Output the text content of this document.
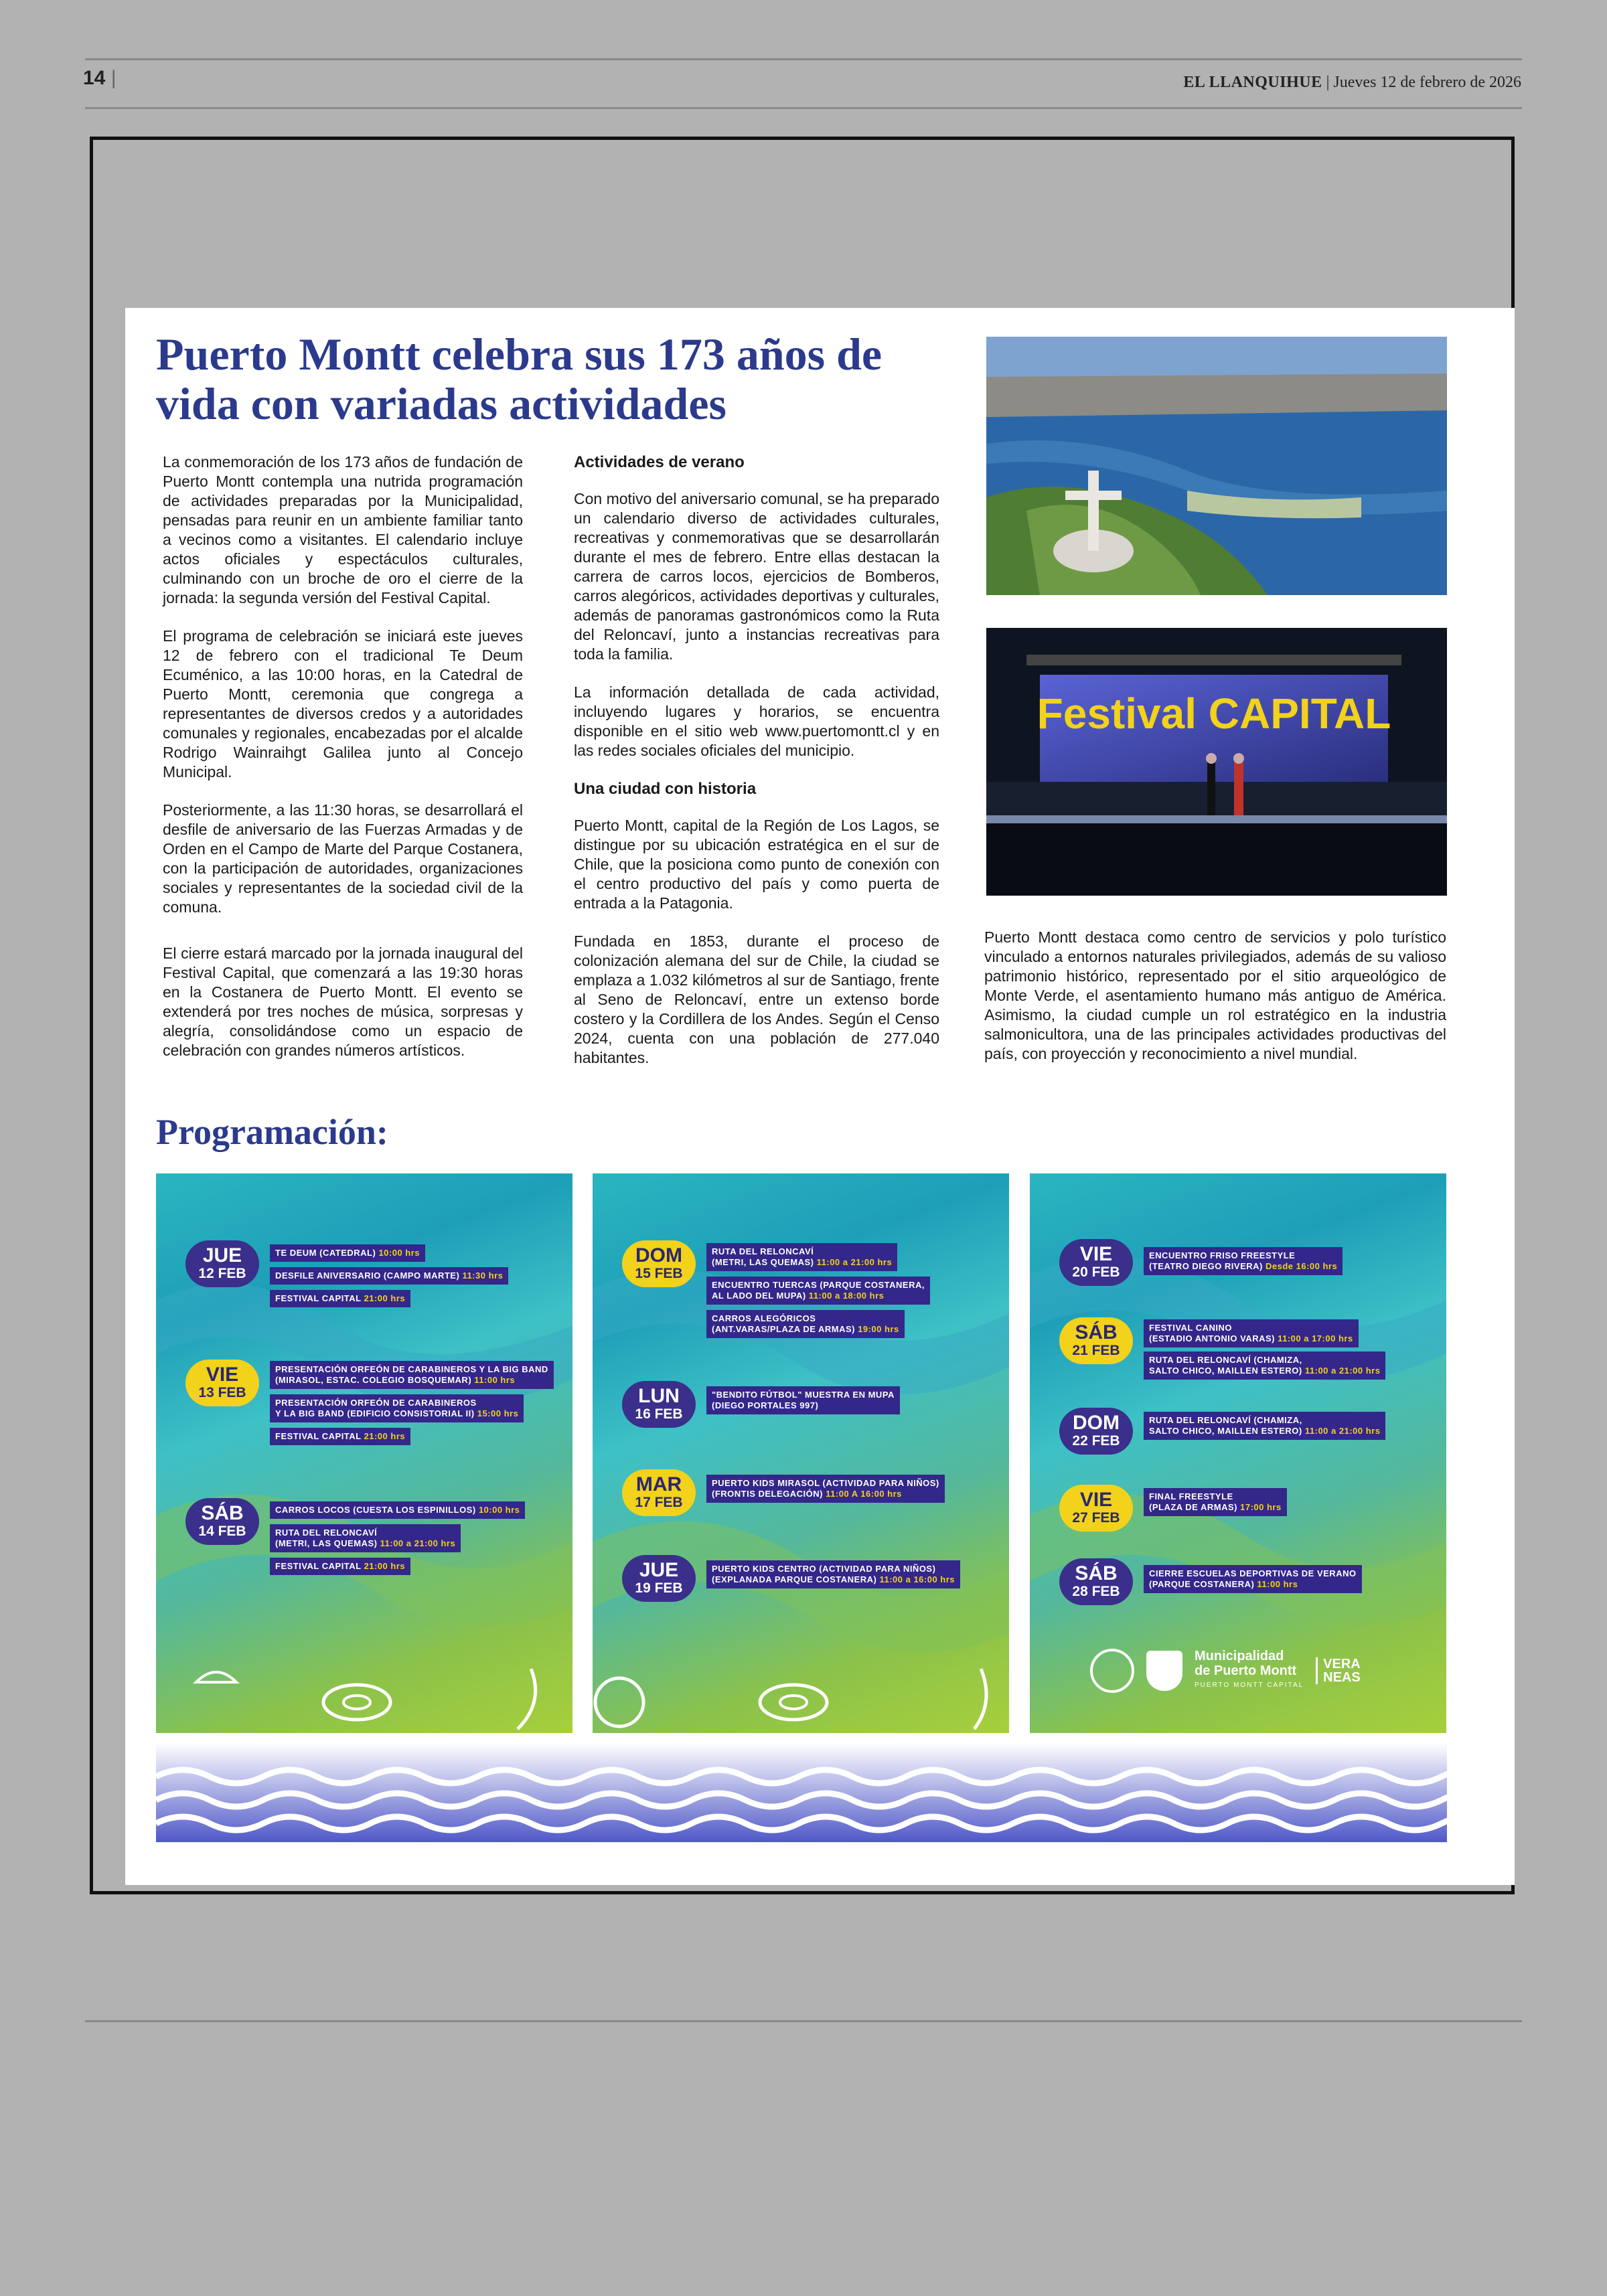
14 |	EL LLANQUIHUE | Jueves 12 de febrero de 2026
Puerto Montt celebra sus 173 años de vida con variadas actividades

La conmemoración de los 173 años de fundación de Puerto Montt contempla una nutrida programación de actividades preparadas por la Municipalidad, pensadas para reunir en un ambiente familiar tanto a vecinos como a visitantes. El calendario incluye actos oficiales y espectáculos culturales, culminando con un broche de oro el cierre de la jornada: la segunda versión del Festival Capital.

El programa de celebración se iniciará este jueves 12 de febrero con el tradicional Te Deum Ecuménico, a las 10:00 horas, en la Catedral de Puerto Montt, ceremonia que congrega a representantes de diversos credos y a autoridades comunales y regionales, encabezadas por el alcalde Rodrigo Wainraihgt Galilea junto al Concejo Municipal.

Posteriormente, a las 11:30 horas, se desarrollará el desfile de aniversario de las Fuerzas Armadas y de Orden en el Campo de Marte del Parque Costanera, con la participación de autoridades, organizaciones sociales y representantes de la sociedad civil de la comuna.

El cierre estará marcado por la jornada inaugural del Festival Capital, que comenzará a las 19:30 horas en la Costanera de Puerto Montt. El evento se extenderá por tres noches de música, sorpresas y alegría, consolidándose como un espacio de celebración con grandes números artísticos.

Actividades de verano

Con motivo del aniversario comunal, se ha preparado un calendario diverso de actividades culturales, recreativas y conmemorativas que se desarrollarán durante el mes de febrero. Entre ellas destacan la carrera de carros locos, ejercicios de Bomberos, carros alegóricos, actividades deportivas y culturales, además de panoramas gastronómicos como la Ruta del Reloncaví, junto a instancias recreativas para toda la familia.

La información detallada de cada actividad, incluyendo lugares y horarios, se encuentra disponible en el sitio web www.puertomontt.cl y en las redes sociales oficiales del municipio.

Una ciudad con historia

Puerto Montt, capital de la Región de Los Lagos, se distingue por su ubicación estratégica en el sur de Chile, que la posiciona como punto de conexión con el centro productivo del país y como puerta de entrada a la Patagonia.

Fundada en 1853, durante el proceso de colonización alemana del sur de Chile, la ciudad se emplaza a 1.032 kilómetros al sur de Santiago, frente al Seno de Reloncaví, entre un extenso borde costero y la Cordillera de los Andes. Según el Censo 2024, cuenta con una población de 277.040 habitantes.

Festival CAPITAL

Puerto Montt destaca como centro de servicios y polo turístico vinculado a entornos naturales privilegiados, además de su valioso patrimonio histórico, representado por el sitio arqueológico de Monte Verde, el asentamiento humano más antiguo de América. Asimismo, la ciudad cumple un rol estratégico en la industria salmonicultora, una de las principales actividades productivas del país, con proyección y reconocimiento a nivel mundial.

Programación:
JUE
12 FEB
TE DEUM (CATEDRAL) 10:00 hrs
DESFILE ANIVERSARIO (CAMPO MARTE) 11:30 hrs
FESTIVAL CAPITAL 21:00 hrs
VIE
13 FEB
PRESENTACIÓN ORFEÓN DE CARABINEROS Y LA BIG BAND
(MIRASOL, ESTAC. COLEGIO BOSQUEMAR) 11:00 hrs
PRESENTACIÓN ORFEÓN DE CARABINEROS
Y LA BIG BAND (EDIFICIO CONSISTORIAL II) 15:00 hrs
FESTIVAL CAPITAL 21:00 hrs
SÁB
14 FEB
CARROS LOCOS (CUESTA LOS ESPINILLOS) 10:00 hrs
RUTA DEL RELONCAVÍ
(METRI, LAS QUEMAS) 11:00 a 21:00 hrs
FESTIVAL CAPITAL 21:00 hrs
DOM
15 FEB
RUTA DEL RELONCAVÍ
(METRI, LAS QUEMAS) 11:00 a 21:00 hrs
ENCUENTRO TUERCAS (PARQUE COSTANERA,
AL LADO DEL MUPA) 11:00 a 18:00 hrs
CARROS ALEGÓRICOS
(ANT.VARAS/PLAZA DE ARMAS) 19:00 hrs
LUN
16 FEB
"BENDITO FÚTBOL" MUESTRA EN MUPA
(DIEGO PORTALES 997)
MAR
17 FEB
PUERTO KIDS MIRASOL (ACTIVIDAD PARA NIÑOS)
(FRONTIS DELEGACIÓN) 11:00 A 16:00 hrs
JUE
19 FEB
PUERTO KIDS CENTRO (ACTIVIDAD PARA NIÑOS)
(EXPLANADA PARQUE COSTANERA) 11:00 a 16:00 hrs
VIE
20 FEB
ENCUENTRO FRISO FREESTYLE
(TEATRO DIEGO RIVERA) Desde 16:00 hrs
SÁB
21 FEB
FESTIVAL CANINO
(ESTADIO ANTONIO VARAS) 11:00 a 17:00 hrs
RUTA DEL RELONCAVÍ (CHAMIZA,
SALTO CHICO, MAILLEN ESTERO) 11:00 a 21:00 hrs
DOM
22 FEB
RUTA DEL RELONCAVÍ (CHAMIZA,
SALTO CHICO, MAILLEN ESTERO) 11:00 a 21:00 hrs
VIE
27 FEB
FINAL FREESTYLE
(PLAZA DE ARMAS) 17:00 hrs
SÁB
28 FEB
CIERRE ESCUELAS DEPORTIVAS DE VERANO
(PARQUE COSTANERA) 11:00 hrs
Municipalidad
de Puerto Montt
PUERTO MONTT CAPITAL
VERA
NEAS
